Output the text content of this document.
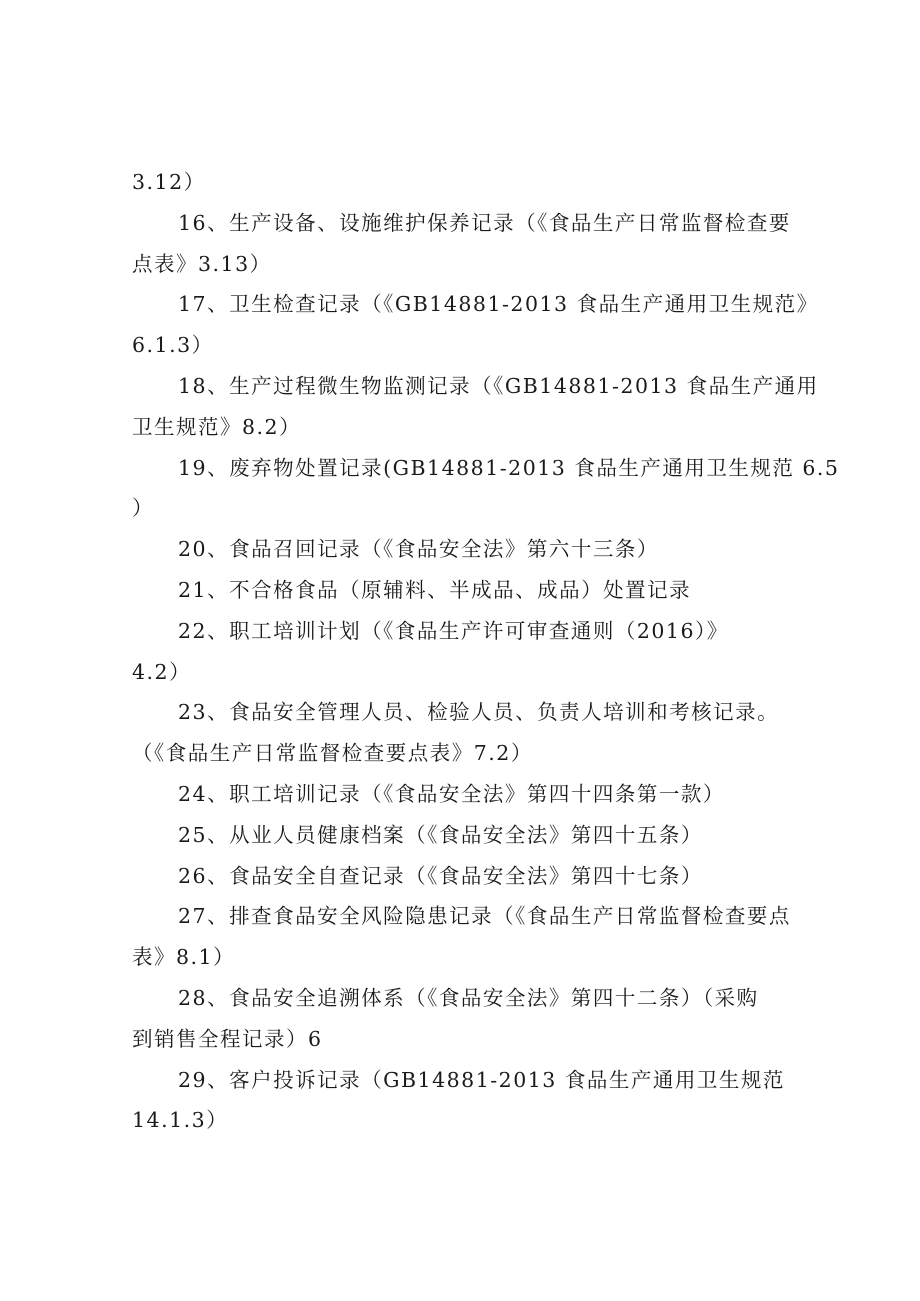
3.12）
16、生产设备、设施维护保养记录（《食品生产日常监督检查要
点表》3.13）
17、卫生检查记录（《GB14881-2013 食品生产通用卫生规范》
6.1.3）
18、生产过程微生物监测记录（《GB14881-2013 食品生产通用
卫生规范》8.2）
19、废弃物处置记录(GB14881-2013 食品生产通用卫生规范 6.5
）
20、食品召回记录（《食品安全法》第六十三条）
21、不合格食品（原辅料、半成品、成品）处置记录
22、职工培训计划（《食品生产许可审查通则（2016）》
4.2）
23、食品安全管理人员、检验人员、负责人培训和考核记录。
（《食品生产日常监督检查要点表》7.2）
24、职工培训记录（《食品安全法》第四十四条第一款）
25、从业人员健康档案（《食品安全法》第四十五条）
26、食品安全自查记录（《食品安全法》第四十七条）
27、排查食品安全风险隐患记录（《食品生产日常监督检查要点
表》8.1）
28、食品安全追溯体系（《食品安全法》第四十二条）（采购
到销售全程记录）6
29、客户投诉记录（GB14881-2013 食品生产通用卫生规范
14.1.3）
